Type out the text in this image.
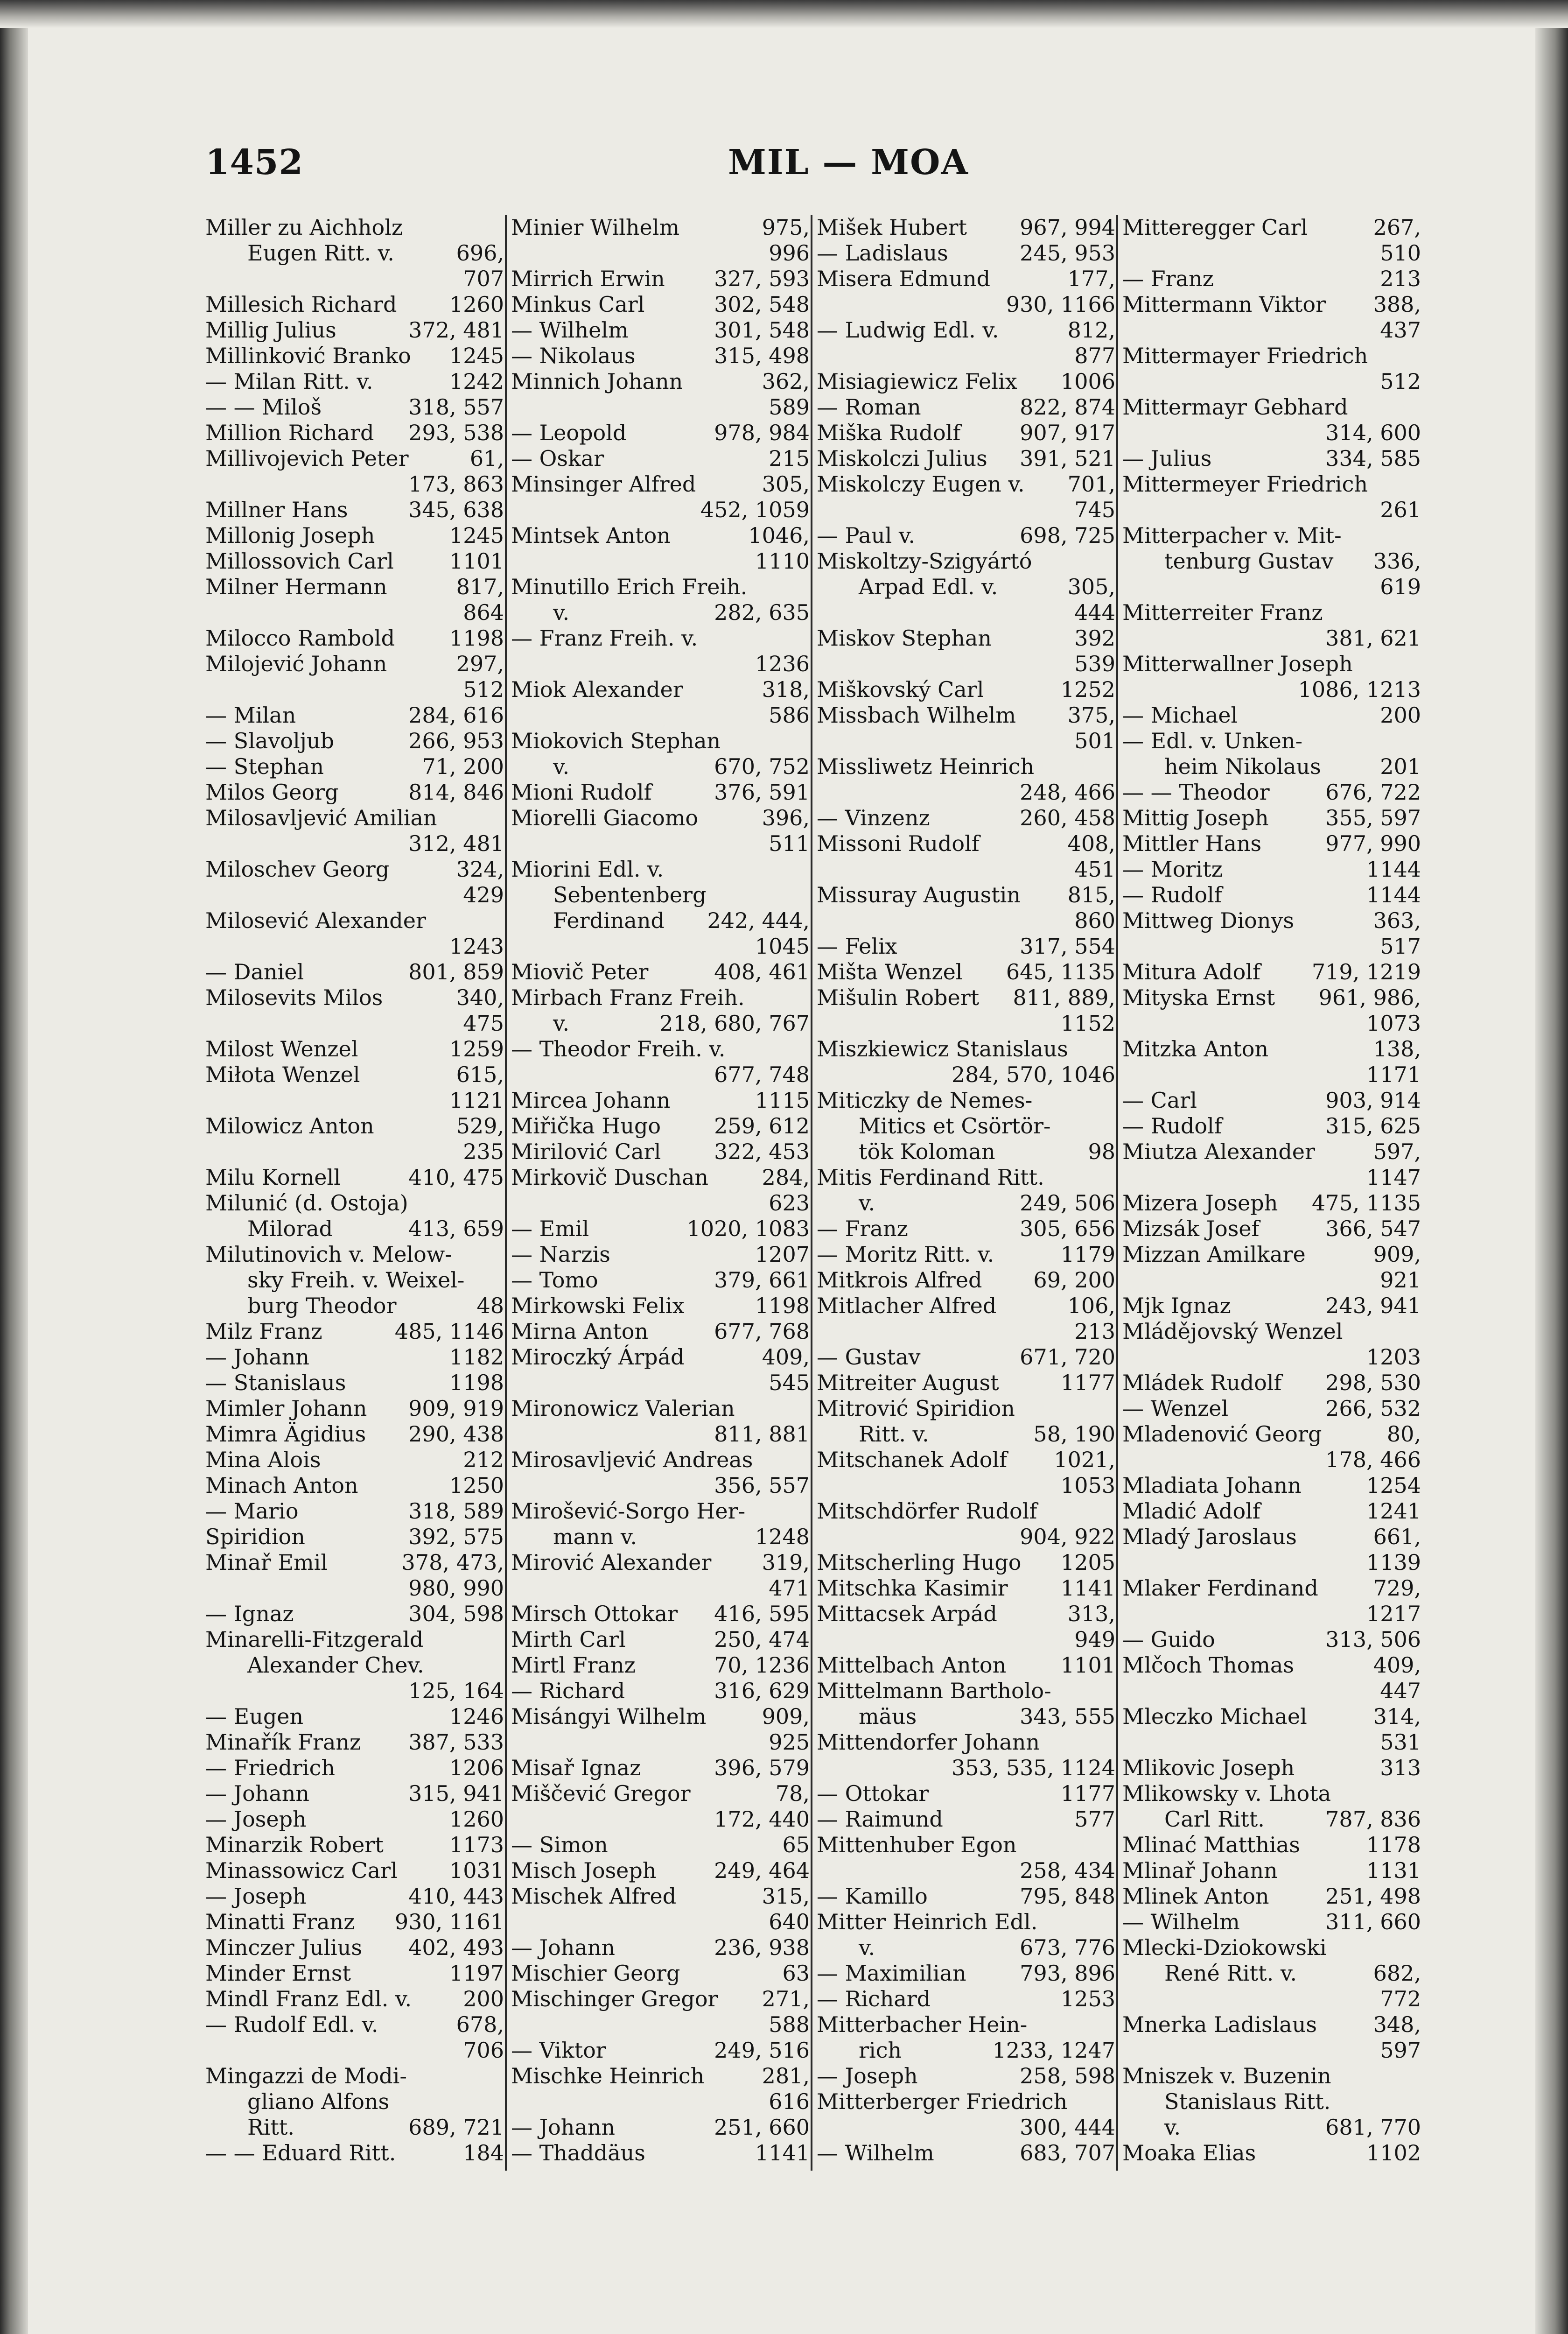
1452	MIL — MOA
Miller zu Aichholz
Eugen Ritt. v.	696,
707
Millesich Richard 1260
Millig Julius	372, 481
Millinković Branko 1245
— Milan Ritt. v.	1242
— — Miloš	318, 557
Million Richard 293, 538
Millivojevich Peter	61,
173, 863
Millner Hans	345, 638
Millonig Joseph	1245
Millossovich Carl	1101
Milner Hermann	817,
864
Milocco Rambold	1198
Milojević Johann	297,
512
— Milan	284, 616
— Slavoljub	266, 953
— Stephan	71, 200
Milos Georg	814, 846
Milosavljević Amilian
312, 481
Miloschev Georg	324,
429
Milosević Alexander
1243
— Daniel	801, 859
Milosevits Milos	340,
475
Milost Wenzel	1259
Miłota Wenzel	615,
1121
Milowicz Anton	529,
235
Milu Kornell	410, 475
Milunić (d. Ostoja)
Milorad	413, 659
Milutinovich v. Melow-
sky Freih. v. Weixel-
burg Theodor	48
Milz Franz	485, 1146
— Johann	1182
— Stanislaus	1198
Mimler Johann 909, 919
Mimra Ägidius 290, 438
Mina Alois	212
Minach Anton	1250
— Mario	318, 589
Spiridion	392, 575
Minař Emil	378, 473,
980, 990
— Ignaz	304, 598
Minarelli-Fitzgerald
Alexander Chev.
125, 164
— Eugen	1246
Minařík Franz 387, 533
— Friedrich	1206
— Johann	315, 941
— Joseph	1260
Minarzik Robert	1173
Minassowicz Carl 1031
— Joseph	410, 443
Minatti Franz 930, 1161
Minczer Julius 402, 493
Minder Ernst	1197
Mindl Franz Edl. v. 200
— Rudolf Edl. v.	678,
706
Mingazzi de Modi-
gliano Alfons
Ritt.	689, 721
— — Eduard Ritt.	184
Minier Wilhelm	975,
996
Mirrich Erwin 327, 593
Minkus Carl	302, 548
— Wilhelm	301, 548
— Nikolaus	315, 498
Minnich Johann	362,
589
— Leopold	978, 984
— Oskar	215
Minsinger Alfred	305,
452, 1059
Mintsek Anton	1046,
1110
Minutillo Erich Freih.
v.	282, 635
— Franz Freih. v.
1236
Miok Alexander	318,
586
Miokovich Stephan
v.	670, 752
Mioni Rudolf	376, 591
Miorelli Giacomo	396,
511
Miorini Edl. v.
Sebentenberg
Ferdinand 242, 444,
1045
Miovič Peter	408, 461
Mirbach Franz Freih.
v.	218, 680, 767
— Theodor Freih. v.
677, 748
Mircea Johann	1115
Miřička Hugo 259, 612
Mirilović Carl 322, 453
Mirkovič Duschan 284,
623
— Emil	1020, 1083
— Narzis	1207
— Tomo	379, 661
Mirkowski Felix	1198
Mirna Anton	677, 768
Miroczký Árpád	409,
545
Mironowicz Valerian
811, 881
Mirosavljević Andreas
356, 557
Mirošević-Sorgo Her-
mann v.	1248
Mirović Alexander 319,
471
Mirsch Ottokar 416, 595
Mirth Carl	250, 474
Mirtl Franz	70, 1236
— Richard	316, 629
Misángyi Wilhelm	909,
925
Misař Ignaz	396, 579
Miščević Gregor	78,
172, 440
— Simon	65
Misch Joseph	249, 464
Mischek Alfred	315,
640
— Johann	236, 938
Mischier Georg	63
Mischinger Gregor 271,
588
— Viktor	249, 516
Mischke Heinrich	281,
616
— Johann	251, 660
— Thaddäus	1141
Mišek Hubert 967, 994
— Ladislaus	245, 953
Misera Edmund	177,
930, 1166
— Ludwig Edl. v.	812,
877
Misiagiewicz Felix 1006
— Roman	822, 874
Miška Rudolf	907, 917
Miskolczi Julius 391, 521
Miskolczy Eugen v. 701,
745
— Paul v.	698, 725
Miskoltzy-Szigyártó
Arpad Edl. v.	305,
444
Miskov Stephan	392
539
Miškovský Carl	1252
Missbach Wilhelm 375,
501
Missliwetz Heinrich
248, 466
— Vinzenz	260, 458
Missoni Rudolf	408,
451
Missuray Augustin 815,
860
— Felix	317, 554
Mišta Wenzel 645, 1135
Mišulin Robert 811, 889,
1152
Miszkiewicz Stanislaus
284, 570, 1046
Miticzky de Nemes-
Mitics et Csörtör-
tök Koloman	98
Mitis Ferdinand Ritt.
v.	249, 506
— Franz	305, 656
— Moritz Ritt. v.	1179
Mitkrois Alfred 69, 200
Mitlacher Alfred	106,
213
— Gustav	671, 720
Mitreiter August	1177
Mitrović Spiridion
Ritt. v.	58, 190
Mitschanek Adolf 1021,
1053
Mitschdörfer Rudolf
904, 922
Mitscherling Hugo 1205
Mitschka Kasimir 1141
Mittacsek Arpád	313,
949
Mittelbach Anton	1101
Mittelmann Bartholo-
mäus	343, 555
Mittendorfer Johann
353, 535, 1124
— Ottokar	1177
— Raimund	577
Mittenhuber Egon
258, 434
— Kamillo	795, 848
Mitter Heinrich Edl.
v.	673, 776
— Maximilian 793, 896
— Richard	1253
Mitterbacher Hein-
rich	1233, 1247
— Joseph	258, 598
Mitterberger Friedrich
300, 444
— Wilhelm	683, 707
Mitteregger Carl	267,
510
— Franz	213
Mittermann Viktor 388,
437
Mittermayer Friedrich
512
Mittermayr Gebhard
314, 600
— Julius	334, 585
Mittermeyer Friedrich
261
Mitterpacher v. Mit-
tenburg Gustav 336,
619
Mitterreiter Franz
381, 621
Mitterwallner Joseph
1086, 1213
— Michael	200
— Edl. v. Unken-
heim Nikolaus	201
— — Theodor	676, 722
Mittig Joseph	355, 597
Mittler Hans	977, 990
— Moritz	1144
— Rudolf	1144
Mittweg Dionys	363,
517
Mitura Adolf 719, 1219
Mityska Ernst 961, 986,
1073
Mitzka Anton	138,
1171
— Carl	903, 914
— Rudolf	315, 625
Miutza Alexander	597,
1147
Mizera Joseph 475, 1135
Mizsák Josef	366, 547
Mizzan Amilkare	909,
921
Mjk Ignaz	243, 941
Mládějovský Wenzel
1203
Mládek Rudolf 298, 530
— Wenzel	266, 532
Mladenović Georg	80,
178, 466
Mladiata Johann	1254
Mladić Adolf	1241
Mladý Jaroslaus	661,
1139
Mlaker Ferdinand	729,
1217
— Guido	313, 506
Mlčoch Thomas	409,
447
Mleczko Michael	314,
531
Mlikovic Joseph	313
Mlikowsky v. Lhota
Carl Ritt.	787, 836
Mlinać Matthias	1178
Mlinař Johann	1131
Mlinek Anton	251, 498
— Wilhelm	311, 660
Mlecki-Dziokowski
René Ritt. v.	682,
772
Mnerka Ladislaus	348,
597
Mniszek v. Buzenin
Stanislaus Ritt.
v.	681, 770
Moaka Elias	1102
